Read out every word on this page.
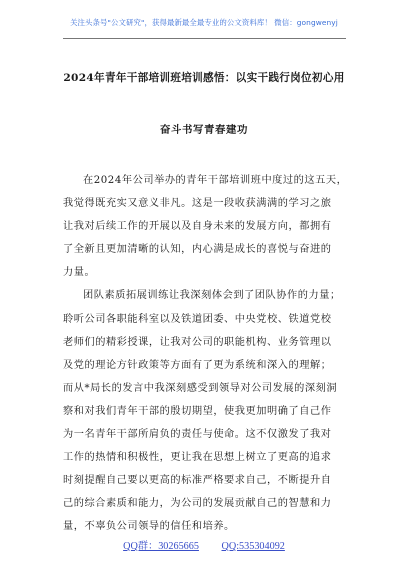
关注头条号"公文研究"，获得最新最全最专业的公文资料库！ 微信：gongwenyj
2024年青年干部培训班培训感悟：以实干践行岗位初心用
奋斗书写青春建功
在2024年公司举办的青年干部培训班中度过的这五天，
我觉得既充实又意义非凡。这是一段收获满满的学习之旅
让我对后续工作的开展以及自身未来的发展方向，都拥有
了全新且更加清晰的认知，内心满是成长的喜悦与奋进的
力量。
团队素质拓展训练让我深刻体会到了团队协作的力量；
聆听公司各职能科室以及铁道团委、中央党校、铁道党校
老师们的精彩授课，让我对公司的职能机构、业务管理以
及党的理论方针政策等方面有了更为系统和深入的理解；
而从*局长的发言中我深刻感受到领导对公司发展的深刻洞
察和对我们青年干部的殷切期望，使我更加明确了自己作
为一名青年干部所肩负的责任与使命。这不仅激发了我对
工作的热情和积极性，更让我在思想上树立了更高的追求
时刻提醒自己要以更高的标准严格要求自己，不断提升自
己的综合素质和能力，为公司的发展贡献自己的智慧和力
量，不辜负公司领导的信任和培养。
QQ群：30265665 QQ:535304092
